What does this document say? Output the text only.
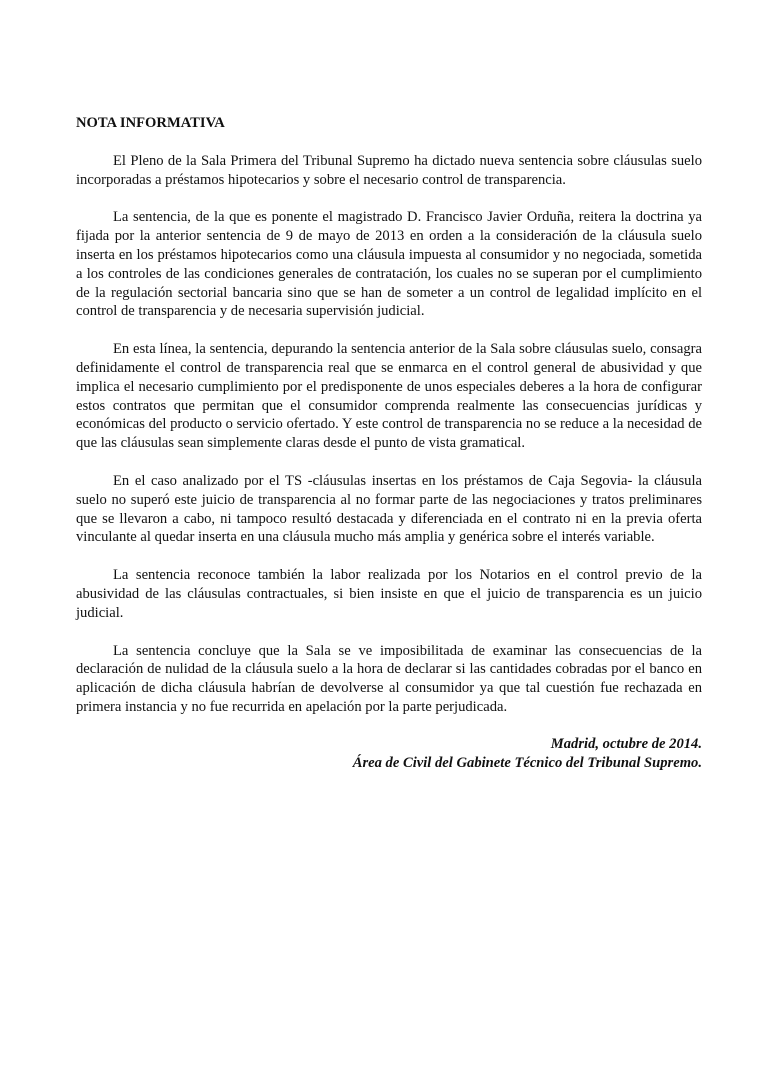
NOTA INFORMATIVA

El Pleno de la Sala Primera del Tribunal Supremo ha dictado nueva sentencia sobre cláusulas suelo incorporadas a préstamos hipotecarios y sobre el necesario control de transparencia.

La sentencia, de la que es ponente el magistrado D. Francisco Javier Orduña, reitera la doctrina ya fijada por la anterior sentencia de 9 de mayo de 2013 en orden a la consideración de la cláusula suelo inserta en los préstamos hipotecarios como una cláusula impuesta al consumidor y no negociada, sometida a los controles de las condiciones generales de contratación, los cuales no se superan por el cumplimiento de la regulación sectorial bancaria sino que se han de someter a un control de legalidad implícito en el control de transparencia y de necesaria supervisión judicial.

En esta línea, la sentencia, depurando la sentencia anterior de la Sala sobre cláusulas suelo, consagra definidamente el control de transparencia real que se enmarca en el control general de abusividad y que implica el necesario cumplimiento por el predisponente de unos especiales deberes a la hora de configurar estos contratos que permitan que el consumidor comprenda realmente las consecuencias jurídicas y económicas del producto o servicio ofertado. Y este control de transparencia no se reduce a la necesidad de que las cláusulas sean simplemente claras desde el punto de vista gramatical.

En el caso analizado por el TS -cláusulas insertas en los préstamos de Caja Segovia- la cláusula suelo no superó este juicio de transparencia al no formar parte de las negociaciones y tratos preliminares que se llevaron a cabo, ni tampoco resultó destacada y diferenciada en el contrato ni en la previa oferta vinculante al quedar inserta en una cláusula mucho más amplia y genérica sobre el interés variable.

La sentencia reconoce también la labor realizada por los Notarios en el control previo de la abusividad de las cláusulas contractuales, si bien insiste en que el juicio de transparencia es un juicio judicial.

La sentencia concluye que la Sala se ve imposibilitada de examinar las consecuencias de la declaración de nulidad de la cláusula suelo a la hora de declarar si las cantidades cobradas por el banco en aplicación de dicha cláusula habrían de devolverse al consumidor ya que tal cuestión fue rechazada en primera instancia y no fue recurrida en apelación por la parte perjudicada.

Madrid, octubre de 2014.
Área de Civil del Gabinete Técnico del Tribunal Supremo.
